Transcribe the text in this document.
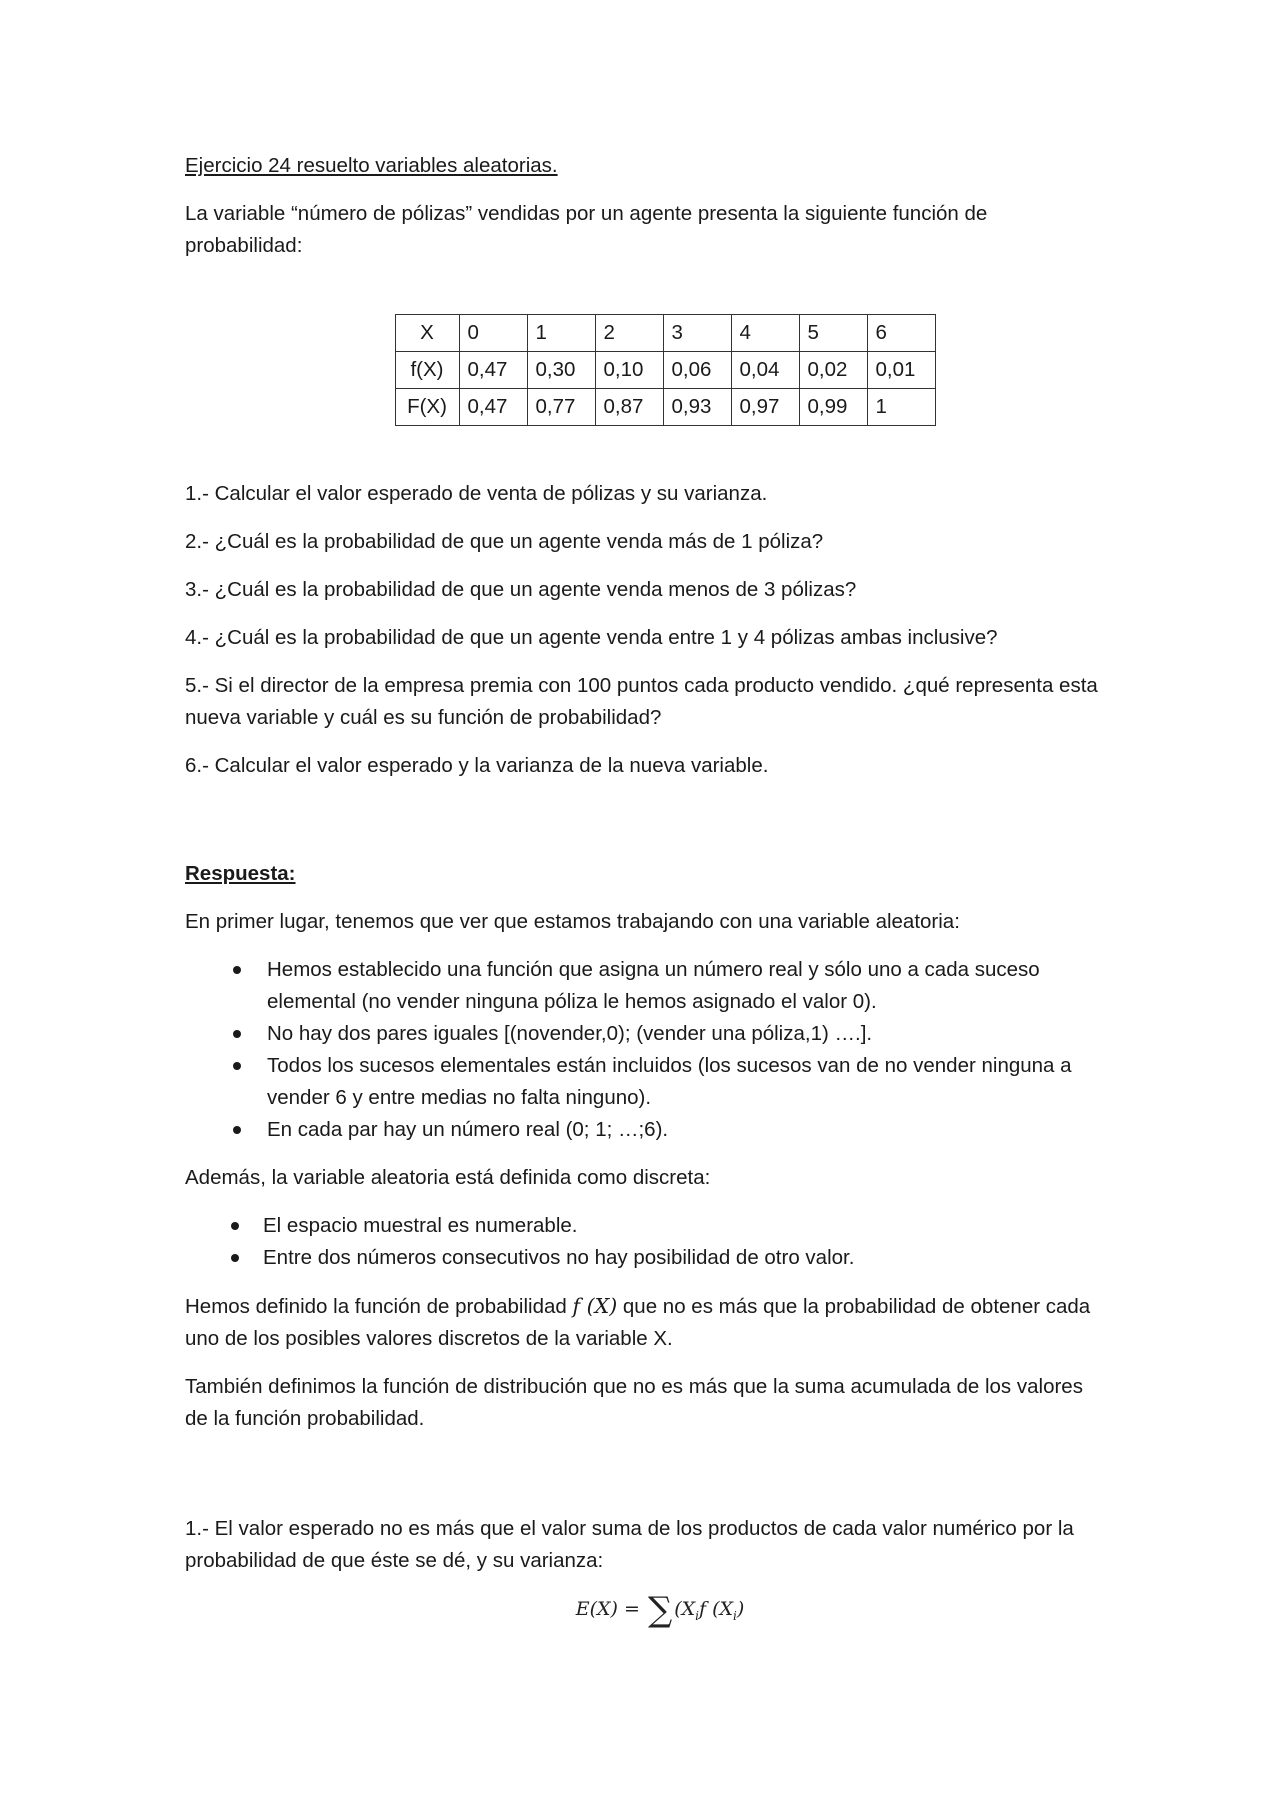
Ejercicio 24 resuelto variables aleatorias.

La variable “número de pólizas” vendidas por un agente presenta la siguiente función de probabilidad:

X	0	1	2	3	4	5	6
f(X)	0,47	0,30	0,10	0,06	0,04	0,02	0,01
F(X)	0,47	0,77	0,87	0,93	0,97	0,99	1

1.- Calcular el valor esperado de venta de pólizas y su varianza.

2.- ¿Cuál es la probabilidad de que un agente venda más de 1 póliza?

3.- ¿Cuál es la probabilidad de que un agente venda menos de 3 pólizas?

4.- ¿Cuál es la probabilidad de que un agente venda entre 1 y 4 pólizas ambas inclusive?

5.- Si el director de la empresa premia con 100 puntos cada producto vendido. ¿qué representa esta nueva variable y cuál es su función de probabilidad?

6.- Calcular el valor esperado y la varianza de la nueva variable.

Respuesta:

En primer lugar, tenemos que ver que estamos trabajando con una variable aleatoria:

Hemos establecido una función que asigna un número real y sólo uno a cada suceso elemental (no vender ninguna póliza le hemos asignado el valor 0).
No hay dos pares iguales [(novender,0); (vender una póliza,1) ….].
Todos los sucesos elementales están incluidos (los sucesos van de no vender ninguna a vender 6 y entre medias no falta ninguno).
En cada par hay un número real (0; 1; …;6).

Además, la variable aleatoria está definida como discreta:

El espacio muestral es numerable.
Entre dos números consecutivos no hay posibilidad de otro valor.

Hemos definido la función de probabilidad f (X) que no es más que la probabilidad de obtener cada uno de los posibles valores discretos de la variable X.

También definimos la función de distribución que no es más que la suma acumulada de los valores de la función probabilidad.

1.- El valor esperado no es más que el valor suma de los productos de cada valor numérico por la probabilidad de que éste se dé, y su varianza:

E(X) = ∑ ($X_if$ $(X_i)$
